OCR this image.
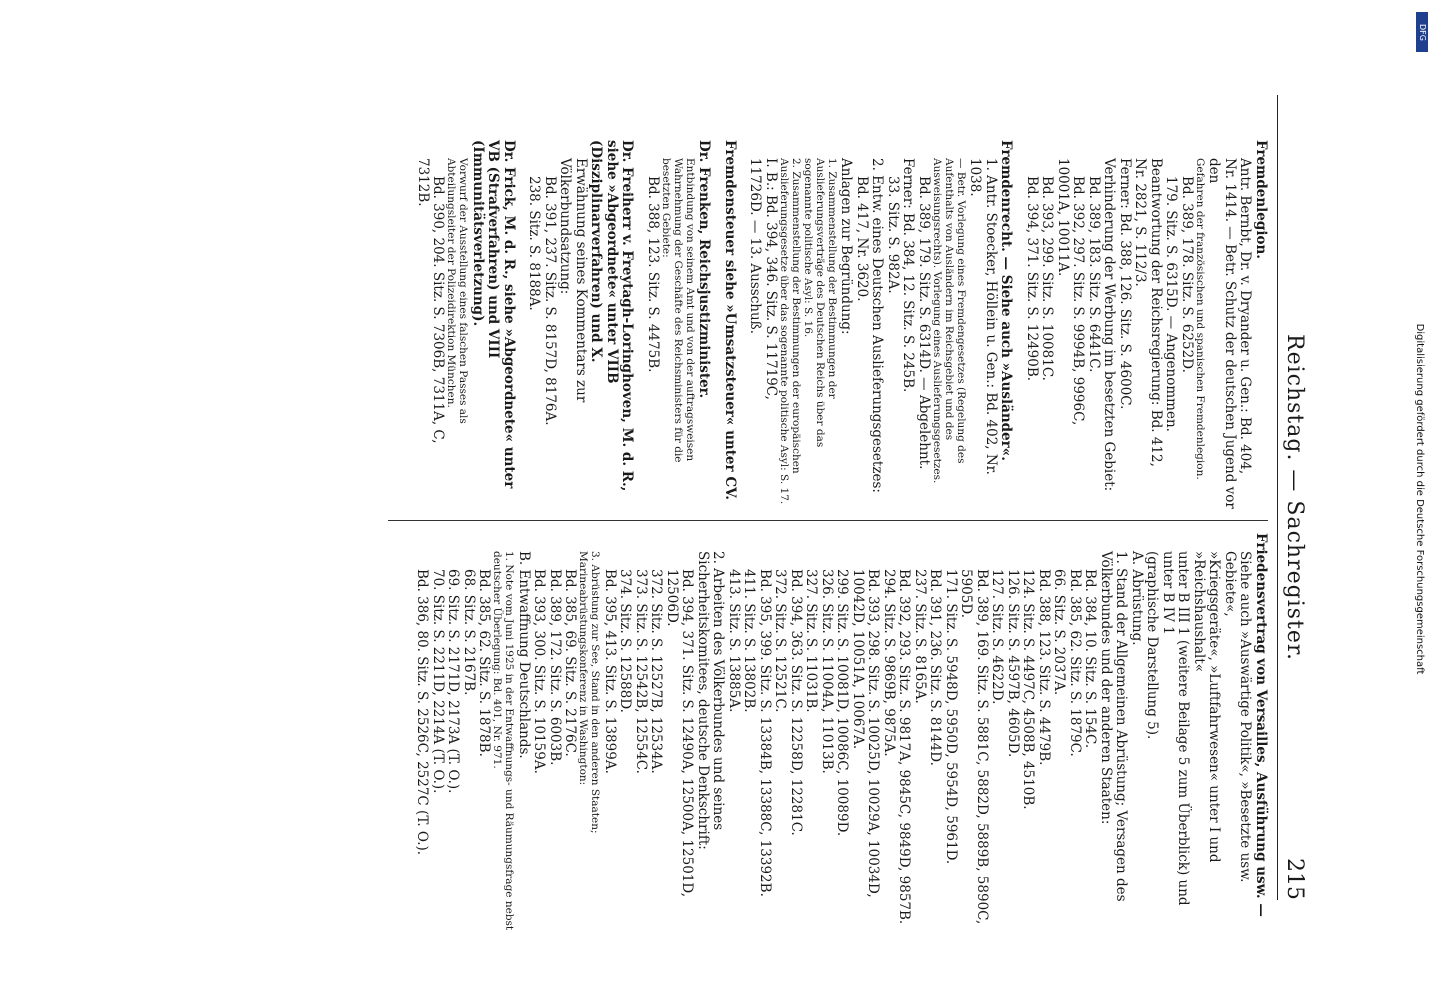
Reichstag. — Sachregister.
215
Fremdenlegion.
Antr. Bernbt, Dr. v. Dryander u. Gen.: Bd. 404,
Nr. 1414. — Betr. Schutz der deutschen Jugend vor den
Gefahren der französischen und spanischen Fremdenlegion.
Bd. 389, 178. Sitz. S. 6252D.
179. Sitz. S. 6315D. — Angenommen.
Beantwortung der Reichsregierung: Bd. 412,
Nr. 2821, S. 112/3.
Ferner: Bd. 388, 126. Sitz. S. 4600C.
Verhinderung der Werbung im besetzten Gebiet:
Bd. 389, 183. Sitz. S. 6441C.
Bd. 392, 297. Sitz. S. 9994B, 9996C,
10001A, 10011A.
Bd. 393, 299. Sitz. S. 10081C.
Bd. 394, 371. Sitz. S. 12490B.
Fremdenrecht. — Siehe auch »Ausländer«.
1. Antr. Stoecker, Höllein u. Gen.: Bd. 402, Nr. 1038.
— Betr. Vorlegung eines Fremdengesetzes (Regelung des Aufenthalts von Ausländern im Reichsgebiet und des Ausweisungsrechts). Vorlegung eines Auslieferungsgesetzes.
Bd. 389, 179. Sitz. S. 6314D. — Abgelehnt.
Ferner: Bd. 384, 12. Sitz. S. 245B.
33. Sitz. S. 982A.
2. Entw. eines Deutschen Auslieferungsgesetzes:
Bd. 417, Nr. 3620.
Anlagen zur Begründung:
1. Zusammenstellung der Bestimmungen der Auslieferungsverträge des Deutschen Reichs über das sogenannte politische Asyl: S. 16.
2. Zusammenstellung der Bestimmungen der europäischen Auslieferungsgesetze über das sogenannte politische Asyl: S. 17.
I. B.: Bd. 394, 346. Sitz. S. 11719C,
11726D. — 13. Ausschuß.
Fremdensteuer siehe »Umsatzsteuer« unter CV.
Dr. Frenken, Reichsjustizminister.
Entbindung von seinem Amt und von der auftragsweisen Wahrnehmung der Geschäfte des Reichsministers für die besetzten Gebiete:
Bd. 388, 123. Sitz. S. 4475B.
Dr. Freiherr v. Freytagh-Loringhoven, M. d. R., siehe »Abgeordnete« unter VIIB (Disziplinarverfahren) und X.
Erwähnung seines Kommentars zur Völkerbundsatzung:
Bd. 391, 237. Sitz. S. 8157D, 8176A.
238. Sitz. S. 8188A.
Dr. Frick, M. d. R., siehe »Abgeordnete« unter VB (Strafverfahren) und VIII (Immunitätsverletzung).
Vorwurf der Ausstellung eines falschen Passes als Abteilungsleiter der Polizeidirektion München.
Bd. 390, 204. Sitz. S. 7306B, 7311A, C,
7312B.
Friedensvertrag von Versailles, Ausführung usw. —
Siehe auch »Auswärtige Politik«, »Besetzte usw. Gebiete«,
»Kriegsgeräte«, »Luftfahrwesen« unter I und »Reichshaushalt«
unter B III 1 (weitere Beilage 5 zum Überblick) und unter B IV 1
(graphische Darstellung 5).
A. Abrüstung.
1. Stand der Allgemeinen Abrüstung; Versagen des Völkerbundes und der anderen Staaten:
Bd. 384, 10. Sitz. S. 154C.
Bd. 385, 62. Sitz. S. 1879C.
66. Sitz. S. 2037A.
Bd. 388, 123. Sitz. S. 4479B.
124. Sitz. S. 4497C, 4508B, 4510B.
126. Sitz. S. 4597B, 4605D.
127. Sitz. S. 4622D.
Bd. 389, 169. Sitz. S. 5881C, 5882D, 5889B, 5890C, 5905D.
171. Sitz. S. 5948D, 5950D, 5954D, 5961D.
Bd. 391, 236. Sitz. S. 8144D.
237. Sitz. S. 8165A.
Bd. 392, 293. Sitz. S. 9817A, 9845C, 9849D, 9857B.
294. Sitz. S. 9869B, 9875A.
Bd. 393, 298. Sitz. S. 10025D, 10029A, 10034D, 10042D, 10051A, 10067A.
299. Sitz. S. 10081D, 10086C, 10089D.
326. Sitz. S. 11004A, 11013B.
327. Sitz. S. 11031B.
Bd. 394, 363. Sitz. S. 12258D, 12281C.
372. Sitz. S. 12521C.
Bd. 395, 399. Sitz. S. 13384B, 13388C, 13392B.
411. Sitz. S. 13802B.
413. Sitz. S. 13885A.
2. Arbeiten des Völkerbundes und seines Sicherheitskomitees, deutsche Denkschrift:
Bd. 394, 371. Sitz. S. 12490A, 12500A, 12501D, 12506D.
372. Sitz. S. 12527B, 12534A.
373. Sitz. S. 12542B, 12554C.
374. Sitz. S. 12588D.
Bd. 395, 413. Sitz. S. 13899A.
3. Abrüstung zur See, Stand in den anderen Staaten; Marineabrüstungskonferenz in Washington:
Bd. 385, 69. Sitz. S. 2176C.
Bd. 389, 172. Sitz. S. 6003B.
Bd. 393, 300. Sitz. S. 10159A.
B. Entwaffnung Deutschlands.
1. Note vom Juni 1925 in der Entwaffnungs- und Räumungsfrage nebst deutscher Überlegung: Bd. 401, Nr. 971.
Bd. 385, 62. Sitz. S. 1878B.
68. Sitz. S. 2167B.
69. Sitz. S. 2171D, 2173A (T. O.).
70. Sitz. S. 2211D, 2214A (T. O.).
Bd. 386, 80. Sitz. S. 2526C, 2527C (T. O.).
Digitalisierung gefördert durch die Deutsche Forschungsgemeinschaft
DFG
